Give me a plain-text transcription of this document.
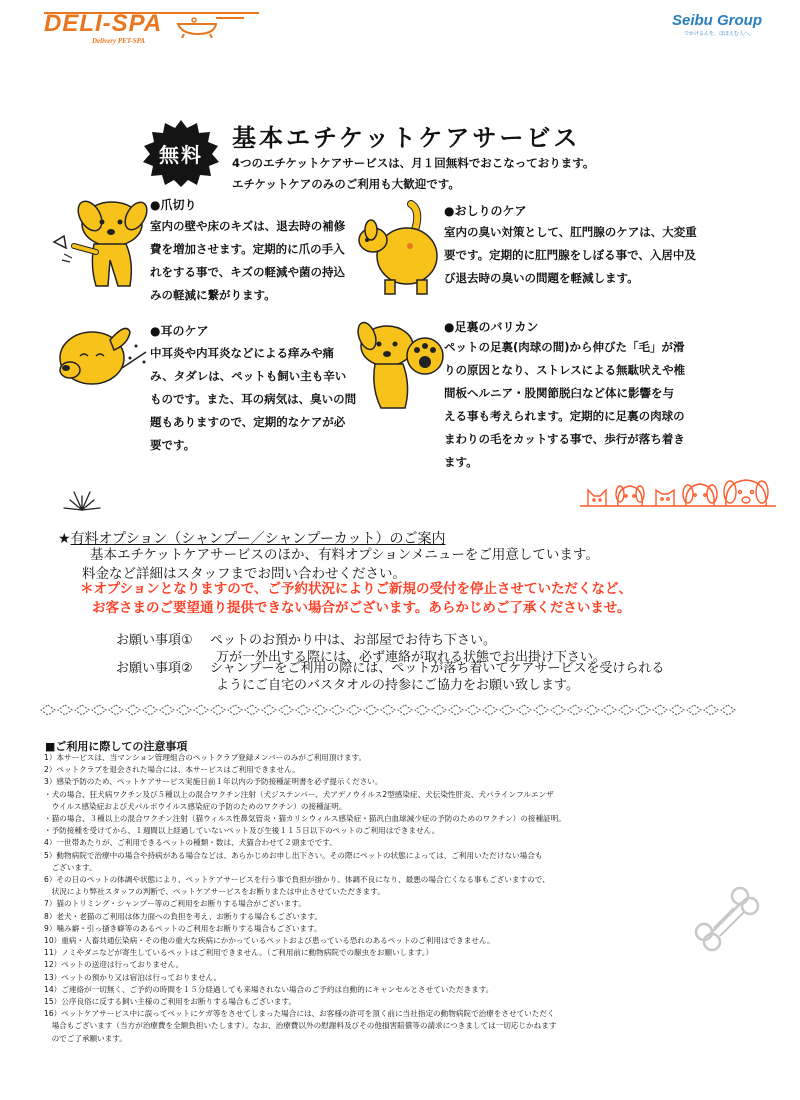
DELI-SPA
Delivery PET-SPA
Seibu Group
でかけるんを、ほほえむ人へ。
無料
基本エチケットケアサービス
4つのエチケットケアサービスは、月１回無料でおこなっております。
エチケットケアのみのご利用も大歓迎です。
●爪切り
室内の壁や床のキズは、退去時の補修
費を増加させます。定期的に爪の手入
れをする事で、キズの軽減や菌の持込
みの軽減に繋がります。
●おしりのケア
室内の臭い対策として、肛門腺のケアは、大変重
要です。定期的に肛門腺をしぼる事で、入居中及
び退去時の臭いの問題を軽減します。
●耳のケア
中耳炎や内耳炎などによる痒みや痛
み、タダレは、ペットも飼い主も辛い
ものです。また、耳の病気は、臭いの問
題もありますので、定期的なケアが必
要です。
●足裏のバリカン
ペットの足裏(肉球の間)から伸びた「毛」が滑
りの原因となり、ストレスによる無駄吠えや椎
間板ヘルニア・股関節脱臼など体に影響を与
える事も考えられます。定期的に足裏の肉球の
まわりの毛をカットする事で、歩行が落ち着き
ます。
★有料オプション（シャンプー／シャンプーカット）のご案内
基本エチケットケアサービスのほか、有料オプションメニューをご用意しています。
料金など詳細はスタッフまでお問い合わせください。
＊オプションとなりますので、ご予約状況によりご新規の受付を停止させていただくなど、
お客さまのご要望通り提供できない場合がございます。あらかじめご了承くださいませ。
お願い事項① ペットのお預かり中は、お部屋でお待ち下さい。
万が一外出する際には、必ず連絡が取れる状態でお出掛け下さい。
お願い事項② シャンプーをご利用の際には、ペットが落ち着いてケアサービスを受けられる
ようにご自宅のバスタオルの持参にご協力をお願い致します。
■ご利用に際しての注意事項
1）本サービスは、当マンション管理組合のペットクラブ登録メンバーのみがご利用頂けます。
2）ペットクラブを退会された場合には、本サービスはご利用できません。
3）感染予防のため、ペットケアサービス実施日前１年以内の予防接種証明書を必ず提示ください。
・犬の場合、狂犬病ワクチン及び５種以上の混合ワクチン注射（犬ジステンパー、犬アデノウイルス2型感染症、犬伝染性肝炎、犬パラインフルエンザ
　ウイルス感染症および犬パルボウイルス感染症の予防のためのワクチン）の接種証明。
・猫の場合、３種以上の混合ワクチン注射（猫ウィルス性鼻気管炎・猫カリシウィルス感染症・猫汎白血球減少症の予防のためのワクチン）の接種証明。
・予防接種を受けてから、１週間以上経過していないペット及び生後１１５日以下のペットのご利用はできません。
4）一世帯あたりが、ご利用できるペットの種類・数は、犬猫合わせて２頭までです。
5）動物病院で治療中の場合や持病がある場合などは、あらかじめお申し出下さい。その際にペットの状態によっては、ご利用いただけない場合も
　ございます。
6）その日のペットの体調や状態により、ペットケアサービスを行う事で負担が掛かり、体調不良になり、最悪の場合亡くなる事もございますので、
　状況により弊社スタッフの判断で、ペットケアサービスをお断りまたは中止させていただきます。
7）猫のトリミング・シャンプー等のご利用をお断りする場合がございます。
8）老犬・老猫のご利用は体力面への負担を考え、お断りする場合もございます。
9）噛み癖・引っ掻き癖等のあるペットのご利用をお断りする場合もございます。
10）重病・人畜共通伝染病・その他の重大な疾病にかかっているペットおよび患っている恐れのあるペットのご利用はできません。
11）ノミやダニなどが寄生しているペットはご利用できません。（ご利用前に動物病院での駆虫をお願いします。）
12）ペットの送迎は行っておりません。
13）ペットの預かり又は宿泊は行っておりません。
14）ご連絡が一切無く、ご予約の時間を１５分経過しても来場されない場合のご予約は自動的にキャンセルとさせていただきます。
15）公序良俗に反する飼い主様のご利用をお断りする場合もございます。
16）ペットケアサービス中に誤ってペットにケガ等をさせてしまった場合には、お客様の許可を頂く前に当社指定の動物病院で治療をさせていただく
　場合もございます（当方が治療費を全額負担いたします）。なお、治療費以外の慰謝料及びその他損害賠償等の請求につきましては一切応じかねます
　のでご了承願います。
